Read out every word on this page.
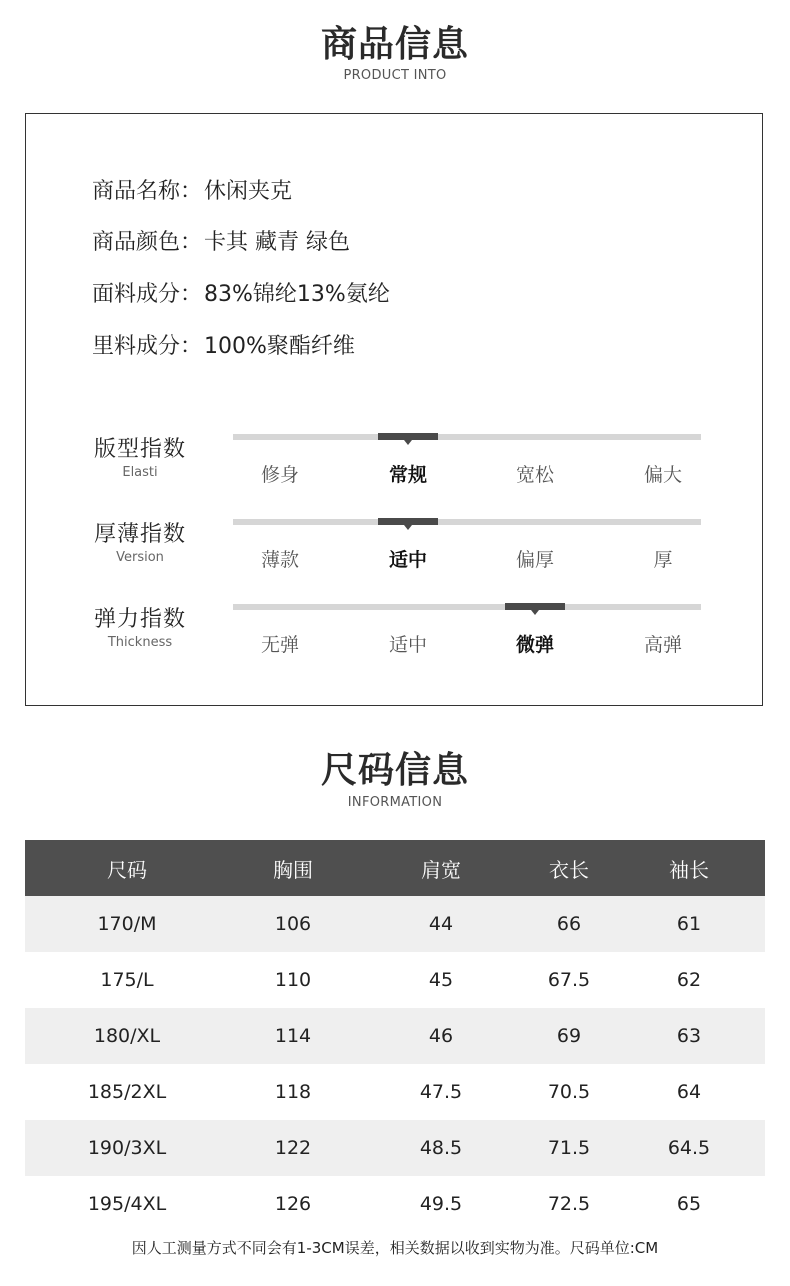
商品信息
PRODUCT INTO
商品名称：休闲夹克
商品颜色：卡其 藏青 绿色
面料成分：83%锦纶13%氨纶
里料成分：100%聚酯纤维
版型指数
Elasti	修身	常规	宽松	偏大
厚薄指数
Version	薄款	适中	偏厚	厚
弹力指数
Thickness	无弹	适中	微弹	高弹
尺码信息
INFORMATION
尺码	胸围	肩宽	衣长	袖长
170/M	106	44	66	61
175/L	110	45	67.5	62
180/XL	114	46	69	63
185/2XL	118	47.5	70.5	64
190/3XL	122	48.5	71.5	64.5
195/4XL	126	49.5	72.5	65
因人工测量方式不同会有1-3CM误差，相关数据以收到实物为准。尺码单位:CM
